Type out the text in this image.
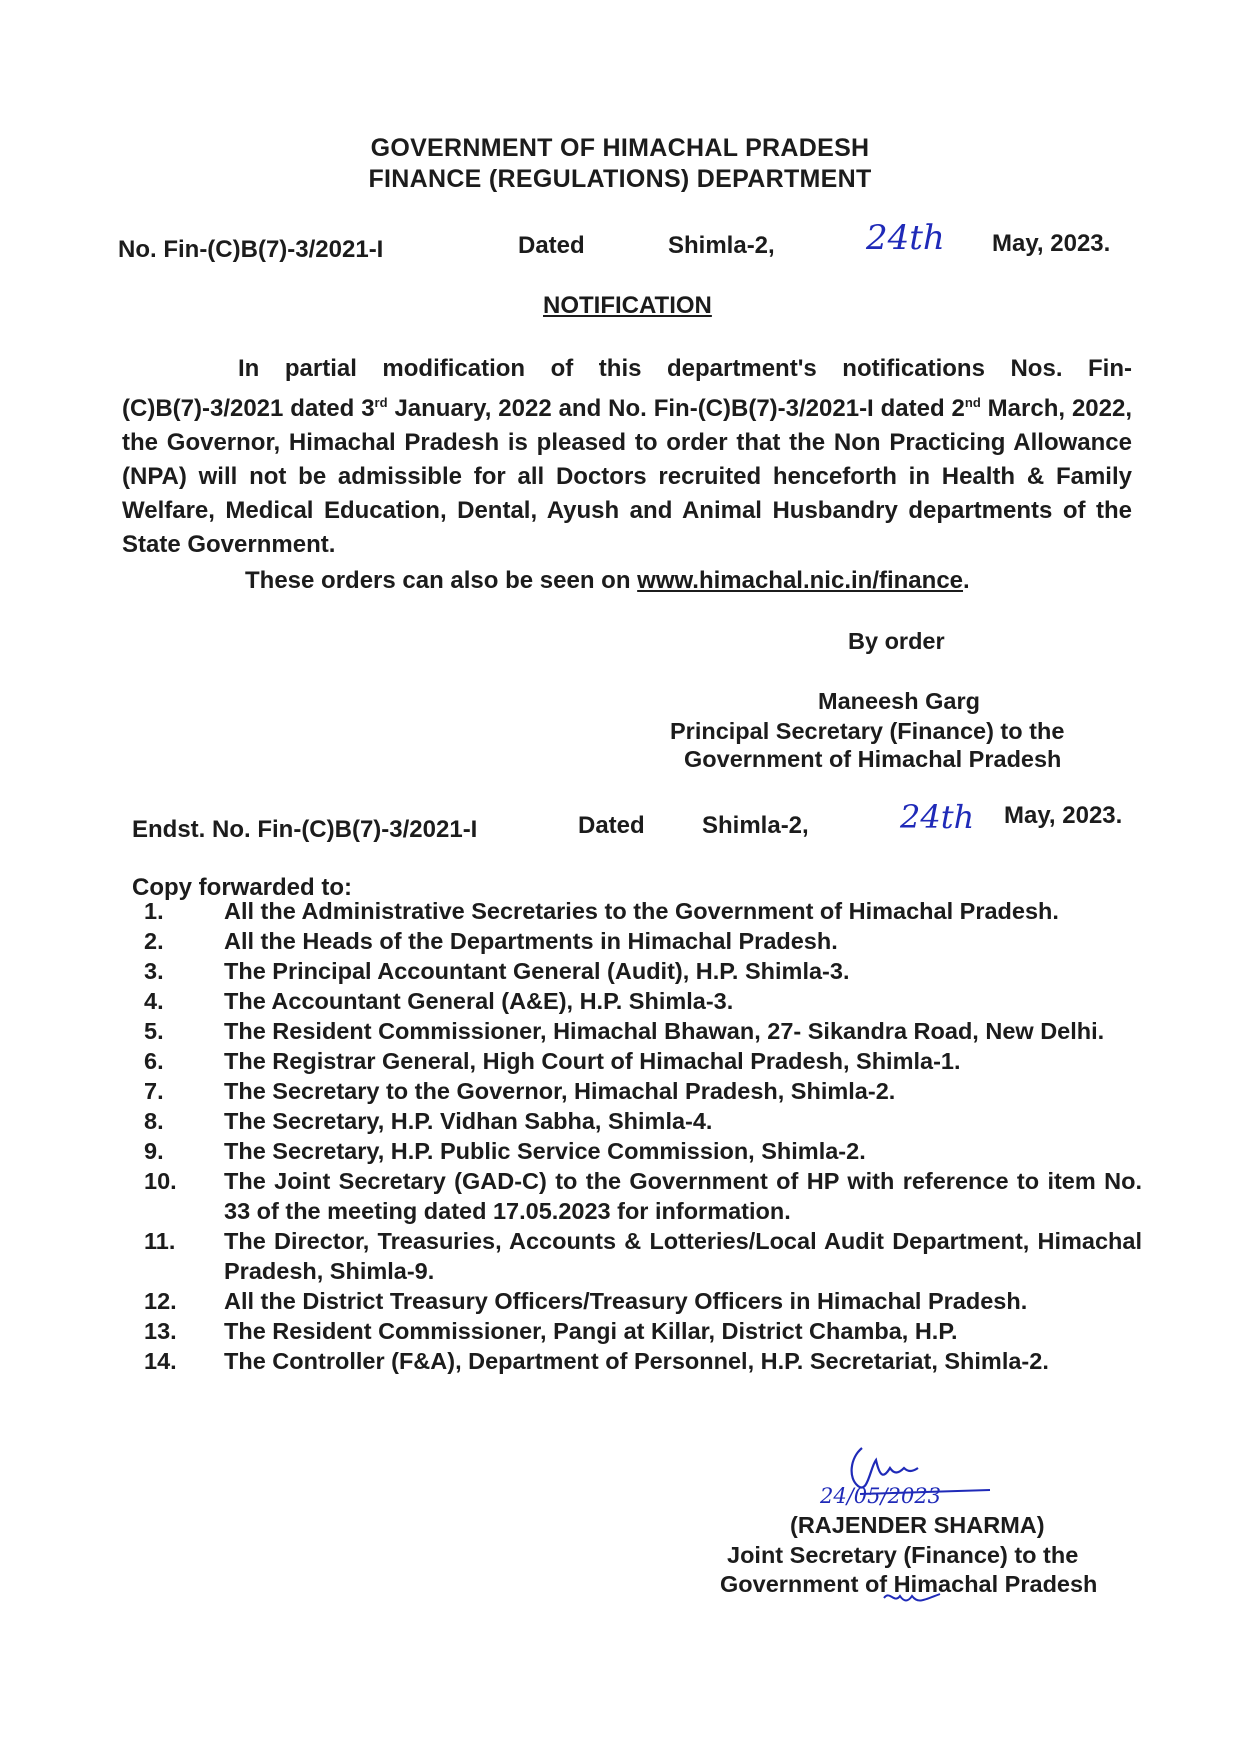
GOVERNMENT OF HIMACHAL PRADESH
FINANCE (REGULATIONS) DEPARTMENT
No. Fin-(C)B(7)-3/2021-I	Dated	Shimla-2,	24th May, 2023.
NOTIFICATION
In partial modification of this department's notifications Nos. Fin-(C)B(7)-3/2021 dated 3rd January, 2022 and No. Fin-(C)B(7)-3/2021-I dated 2nd March, 2022, the Governor, Himachal Pradesh is pleased to order that the Non Practicing Allowance (NPA) will not be admissible for all Doctors recruited henceforth in Health & Family Welfare, Medical Education, Dental, Ayush and Animal Husbandry departments of the State Government.
These orders can also be seen on www.himachal.nic.in/finance.
By order
Maneesh Garg
Principal Secretary (Finance) to the
Government of Himachal Pradesh
Endst. No. Fin-(C)B(7)-3/2021-I	Dated Shimla-2,	24th May, 2023.
Copy forwarded to:
1.	All the Administrative Secretaries to the Government of Himachal Pradesh.
2.	All the Heads of the Departments in Himachal Pradesh.
3.	The Principal Accountant General (Audit), H.P. Shimla-3.
4.	The Accountant General (A&E), H.P. Shimla-3.
5.	The Resident Commissioner, Himachal Bhawan, 27- Sikandra Road, New Delhi.
6.	The Registrar General, High Court of Himachal Pradesh, Shimla-1.
7.	The Secretary to the Governor, Himachal Pradesh, Shimla-2.
8.	The Secretary, H.P. Vidhan Sabha, Shimla-4.
9.	The Secretary, H.P. Public Service Commission, Shimla-2.
10.	The Joint Secretary (GAD-C) to the Government of HP with reference to item No. 33 of the meeting dated 17.05.2023 for information.
11.	The Director, Treasuries, Accounts & Lotteries/Local Audit Department, Himachal Pradesh, Shimla-9.
12.	All the District Treasury Officers/Treasury Officers in Himachal Pradesh.
13.	The Resident Commissioner, Pangi at Killar, District Chamba, H.P.
14.	The Controller (F&A), Department of Personnel, H.P. Secretariat, Shimla-2.
24/05/2023
(RAJENDER SHARMA)
Joint Secretary (Finance) to the
Government of Himachal Pradesh
